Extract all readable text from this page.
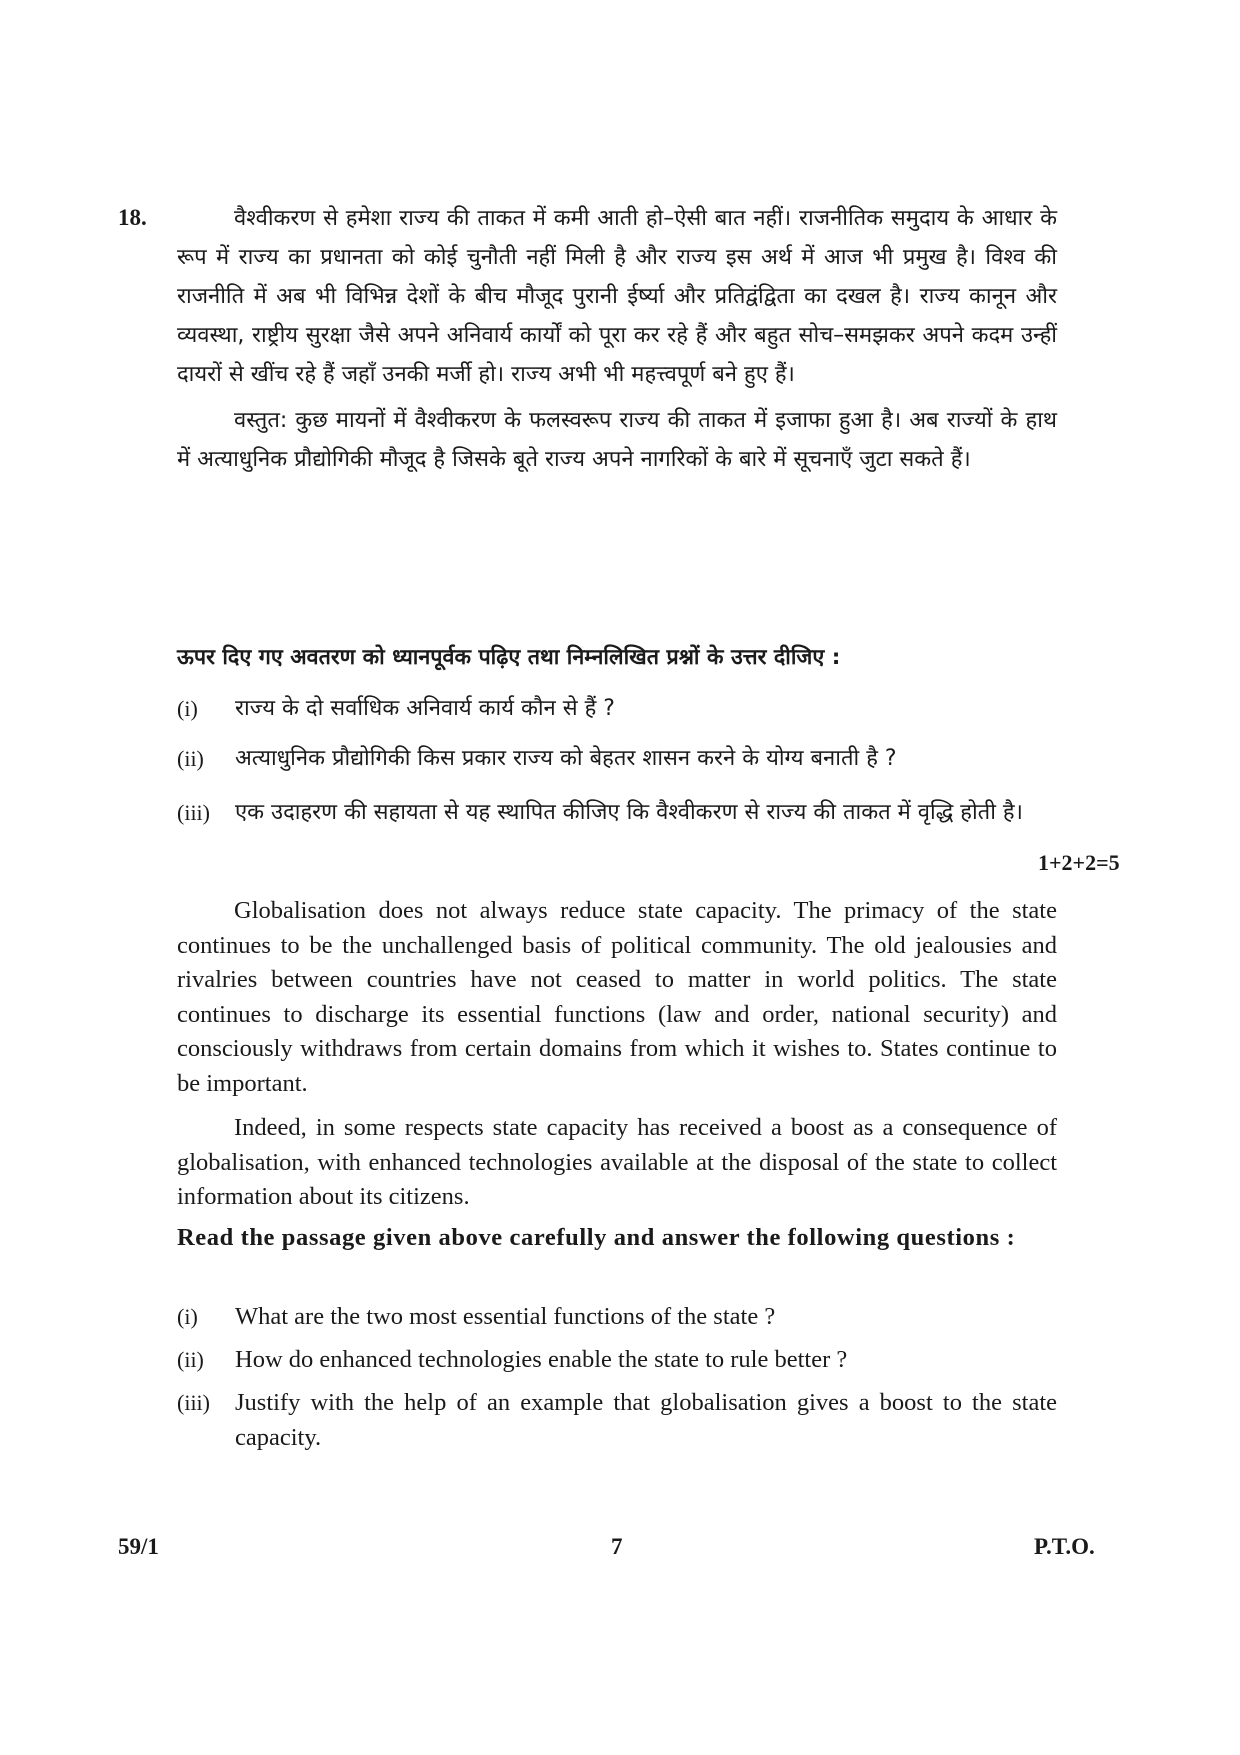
18.	वैश्वीकरण से हमेशा राज्य की ताकत में कमी आती हो–ऐसी बात नहीं। राजनीतिक समुदाय के आधार के रूप में राज्य का प्रधानता को कोई चुनौती नहीं मिली है और राज्य इस अर्थ में आज भी प्रमुख है। विश्व की राजनीति में अब भी विभिन्न देशों के बीच मौजूद पुरानी ईर्ष्या और प्रतिद्वंद्विता का दखल है। राज्य कानून और व्यवस्था, राष्ट्रीय सुरक्षा जैसे अपने अनिवार्य कार्यों को पूरा कर रहे हैं और बहुत सोच–समझकर अपने कदम उन्हीं दायरों से खींच रहे हैं जहाँ उनकी मर्जी हो। राज्य अभी भी महत्त्वपूर्ण बने हुए हैं।

वस्तुत: कुछ मायनों में वैश्वीकरण के फलस्वरूप राज्य की ताकत में इजाफा हुआ है। अब राज्यों के हाथ में अत्याधुनिक प्रौद्योगिकी मौजूद है जिसके बूते राज्य अपने नागरिकों के बारे में सूचनाएँ जुटा सकते हैं।

ऊपर दिए गए अवतरण को ध्यानपूर्वक पढ़िए तथा निम्नलिखित प्रश्नों के उत्तर दीजिए :

(i)	राज्य के दो सर्वाधिक अनिवार्य कार्य कौन से हैं ?
(ii)	अत्याधुनिक प्रौद्योगिकी किस प्रकार राज्य को बेहतर शासन करने के योग्य बनाती है ?
(iii)	एक उदाहरण की सहायता से यह स्थापित कीजिए कि वैश्वीकरण से राज्य की ताकत में वृद्धि होती है।
1+2+2=5

Globalisation does not always reduce state capacity. The primacy of the state continues to be the unchallenged basis of political community. The old jealousies and rivalries between countries have not ceased to matter in world politics. The state continues to discharge its essential functions (law and order, national security) and consciously withdraws from certain domains from which it wishes to. States continue to be important.

Indeed, in some respects state capacity has received a boost as a consequence of globalisation, with enhanced technologies available at the disposal of the state to collect information about its citizens.

Read the passage given above carefully and answer the following questions :

(i)	What are the two most essential functions of the state ?
(ii)	How do enhanced technologies enable the state to rule better ?
(iii)	Justify with the help of an example that globalisation gives a boost to the state capacity.
59/1	7	P.T.O.
